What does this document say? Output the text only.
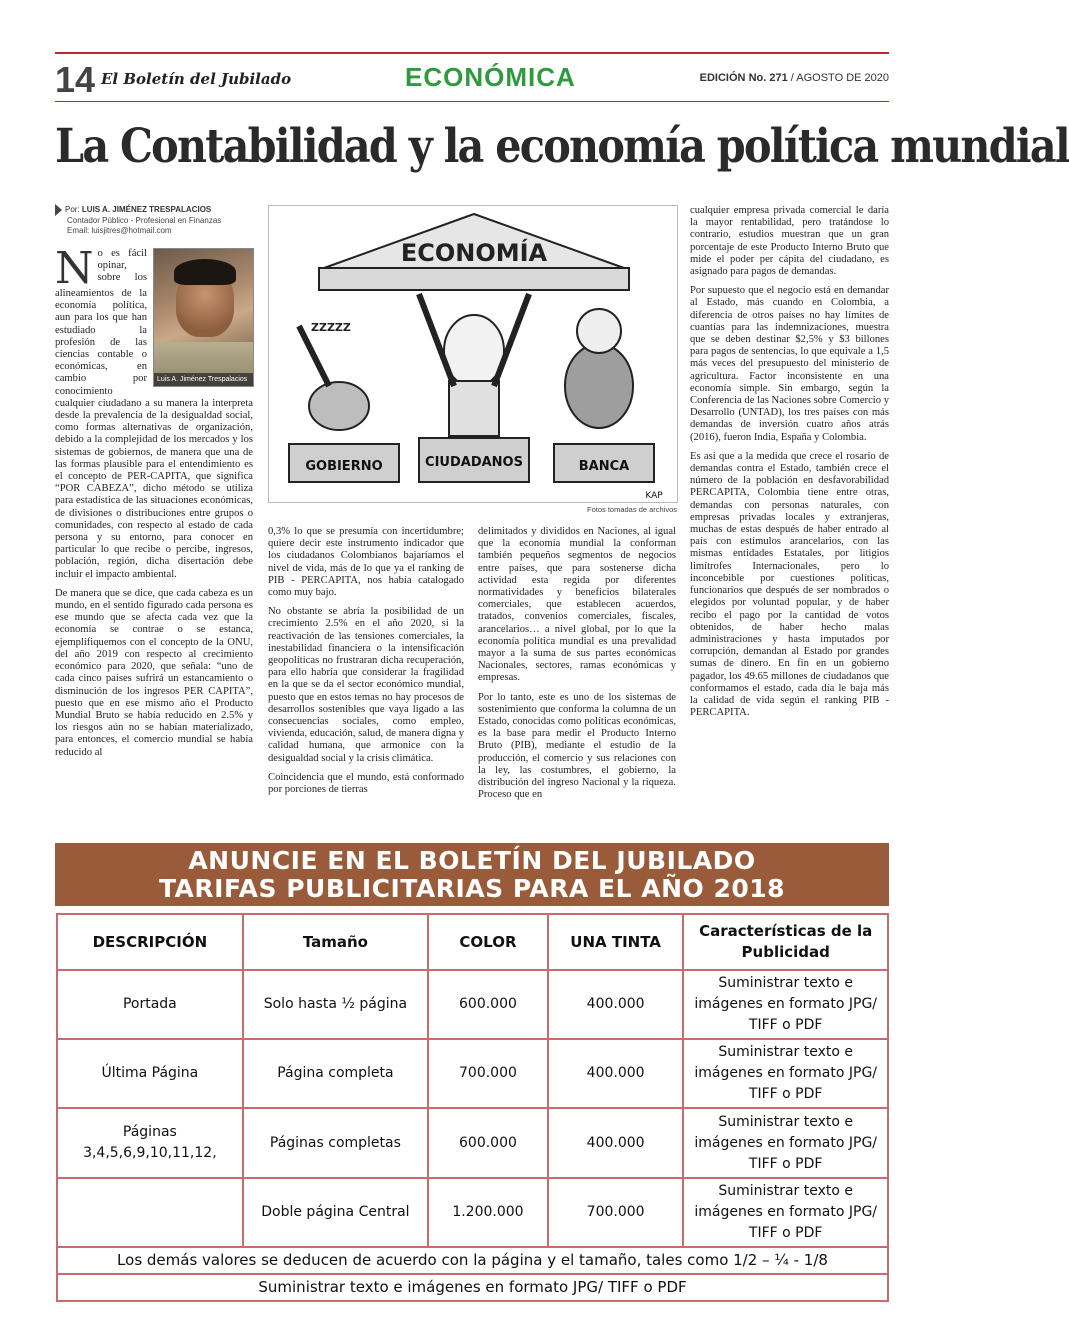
14 El Boletín del Jubilado	ECONÓMICA	EDICIÓN No. 271 / AGOSTO DE 2020
La Contabilidad y la economía política mundial
Por: LUIS A. JIMÉNEZ TRESPALACIOS
Contador Público - Profesional en Finanzas
Email: luisjitres@hotmail.com
Luis A. Jiménez Trespalacios

No es fácil opinar, sobre los alineamientos de la economía política, aun para los que han estudiado la profesión de las ciencias contable o económicas, en cambio por conocimiento cualquier ciudadano a su manera la interpreta desde la prevalencia de la desigualdad social, como formas alternativas de organización, debido a la complejidad de los mercados y los sistemas de gobiernos, de manera que una de las formas plausible para el entendimiento es el concepto de PER-CAPITA, que significa “POR CABEZA”, dicho método se utiliza para estadística de las situaciones económicas, de divisiones o distribuciones entre grupos o comunidades, con respecto al estado de cada persona y su entorno, para conocer en particular lo que recibe o percibe, ingresos, población, región, dicha disertación debe incluir el impacto ambiental.

De manera que se dice, que cada cabeza es un mundo, en el sentido figurado cada persona es ese mundo que se afecta cada vez que la economía se contrae o se estanca, ejemplifiquemos con el concepto de la ONU, del año 2019 con respecto al crecimiento económico para 2020, que señala: “uno de cada cinco países sufrirá un estancamiento o disminución de los ingresos PER CAPITA”, puesto que en ese mismo año el Producto Mundial Bruto se había reducido en 2.5% y los riesgos aún no se habían materializado, para entonces, el comercio mundial se había reducido al

ECONOMÍA
ZZZZZ
GOBIERNO	CIUDADANOS	BANCA
KAP
Fotos tomadas de archivos

0,3% lo que se presumía con incertidumbre; quiere decir este instrumento indicador que los ciudadanos Colombianos bajaríamos el nivel de vida, más de lo que ya el ranking de PIB - PERCAPITA, nos había catalogado como muy bajo.

No obstante se abría la posibilidad de un crecimiento 2.5% en el año 2020, si la reactivación de las tensiones comerciales, la inestabilidad financiera o la intensificación geopolíticas no frustraran dicha recuperación, para ello habría que considerar la fragilidad en la que se da el sector económico mundial, puesto que en estos temas no hay procesos de desarrollos sostenibles que vaya ligado a las consecuencias sociales, como empleo, vivienda, educación, salud, de manera digna y calidad humana, que armonice con la desigualdad social y la crisis climática.

Coincidencia que el mundo, está conformado por porciones de tierras

delimitados y divididos en Naciones, al igual que la economía mundial la conforman también pequeños segmentos de negocios entre países, que para sostenerse dicha actividad esta regida por diferentes normatividades y beneficios bilaterales comerciales, que establecen acuerdos, tratados, convenios comerciales, fiscales, arancelarios… a nivel global, por lo que la economía política mundial es una prevalidad mayor a la suma de sus partes económicas Nacionales, sectores, ramas económicas y empresas.

Por lo tanto, este es uno de los sistemas de sostenimiento que conforma la columna de un Estado, conocidas como políticas económicas, es la base para medir el Producto Interno Bruto (PIB), mediante el estudio de la producción, el comercio y sus relaciones con la ley, las costumbres, el gobierno, la distribución del ingreso Nacional y la riqueza. Proceso que en

cualquier empresa privada comercial le daría la mayor rentabilidad, pero tratándose lo contrario, estudios muestran que un gran porcentaje de este Producto Interno Bruto que mide el poder per cápita del ciudadano, es asignado para pagos de demandas.

Por supuesto que el negocio está en demandar al Estado, más cuando en Colombia, a diferencia de otros países no hay límites de cuantías para las indemnizaciones, muestra que se deben destinar $2,5% y $3 billones para pagos de sentencias, lo que equivale a 1,5 más veces del presupuesto del ministerio de agricultura. Factor inconsistente en una economía simple. Sin embargo, según la Conferencia de las Naciones sobre Comercio y Desarrollo (UNTAD), los tres países con más demandas de inversión cuatro años atrás (2016), fueron India, España y Colombia.

Es así que a la medida que crece el rosario de demandas contra el Estado, también crece el número de la población en desfavorabilidad PERCAPITA, Colombia tiene entre otras, demandas con personas naturales, con empresas privadas locales y extranjeras, muchas de estas después de haber entrado al país con estímulos arancelarios, con las mismas entidades Estatales, por litigios limítrofes Internacionales, pero lo inconcebible por cuestiones políticas, funcionarios que después de ser nombrados o elegidos por voluntad popular, y de haber recibo el pago por la cantidad de votos obtenidos, de haber hecho malas administraciones y hasta imputados por corrupción, demandan al Estado por grandes sumas de dinero. En fin en un gobierno pagador, los 49.65 millones de ciudadanos que conformamos el estado, cada día le baja más la calidad de vida según el ranking PIB - PERCAPITA.

ANUNCIE EN EL BOLETÍN DEL JUBILADO
TARIFAS PUBLICITARIAS PARA EL AÑO 2018
DESCRIPCIÓN	Tamaño	COLOR	UNA TINTA	Características de la Publicidad
Portada	Solo hasta ½ página	600.000	400.000	Suministrar texto e imágenes en formato JPG/ TIFF o PDF
Última Página	Página completa	700.000	400.000	Suministrar texto e imágenes en formato JPG/ TIFF o PDF
Páginas 3,4,5,6,9,10,11,12,	Páginas completas	600.000	400.000	Suministrar texto e imágenes en formato JPG/ TIFF o PDF
	Doble página Central	1.200.000	700.000	Suministrar texto e imágenes en formato JPG/ TIFF o PDF
Los demás valores se deducen de acuerdo con la página y el tamaño, tales como 1/2 – ¼ - 1/8				
Suministrar texto e imágenes en formato JPG/ TIFF o PDF				
